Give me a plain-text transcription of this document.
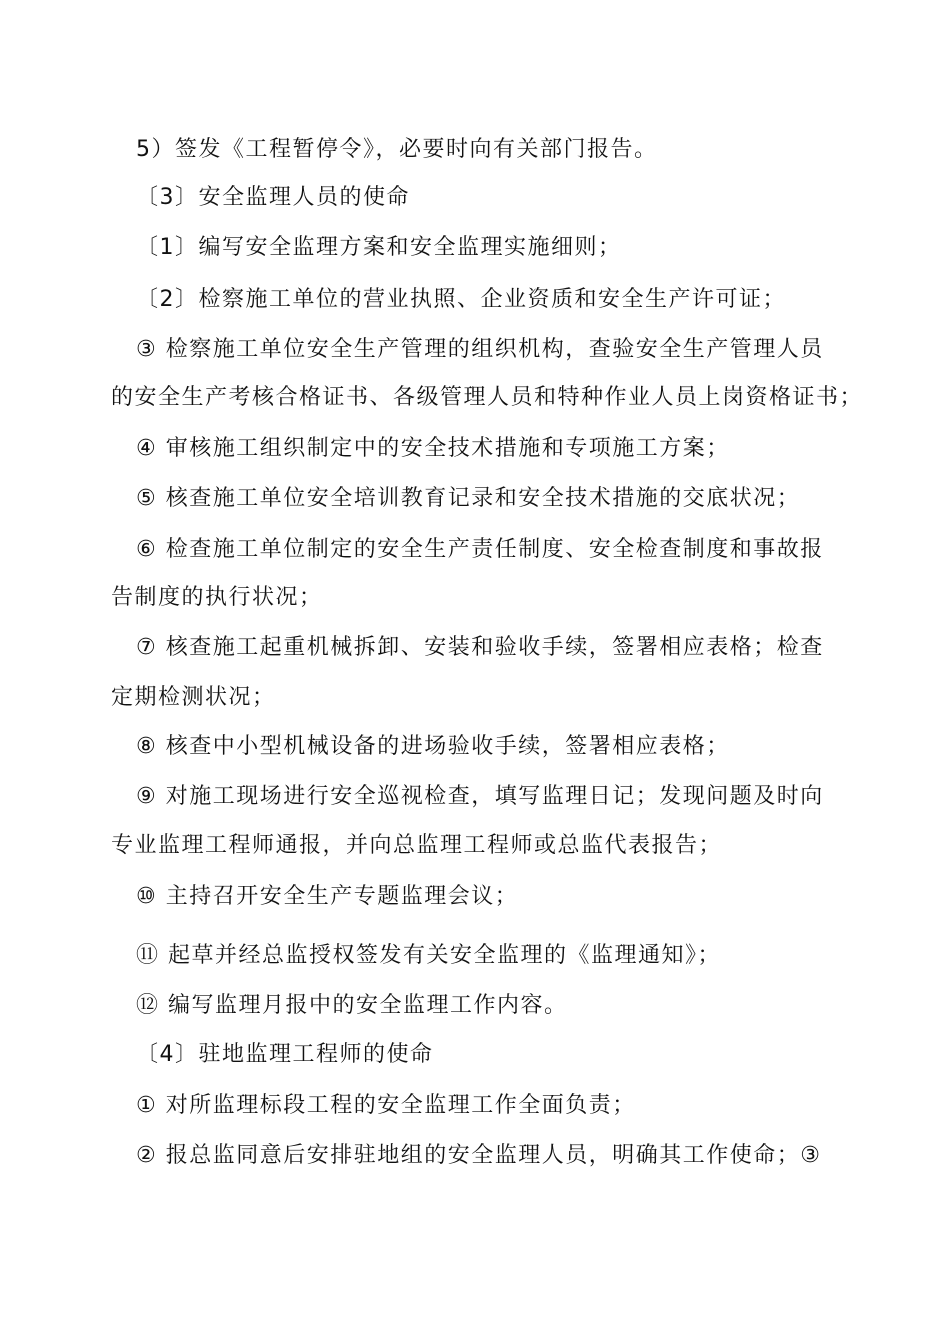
5）签发《工程暂停令》，必要时向有关部门报告。
〔3〕安全监理人员的使命
〔1〕编写安全监理方案和安全监理实施细则；
〔2〕检察施工单位的营业执照、企业资质和安全生产许可证；
③ 检察施工单位安全生产管理的组织机构，查验安全生产管理人员
的安全生产考核合格证书、各级管理人员和特种作业人员上岗资格证书；
④ 审核施工组织制定中的安全技术措施和专项施工方案；
⑤ 核查施工单位安全培训教育记录和安全技术措施的交底状况；
⑥ 检查施工单位制定的安全生产责任制度、安全检查制度和事故报
告制度的执行状况；
⑦ 核查施工起重机械拆卸、安装和验收手续，签署相应表格；检查
定期检测状况；
⑧ 核查中小型机械设备的进场验收手续，签署相应表格；
⑨ 对施工现场进行安全巡视检查，填写监理日记；发现问题及时向
专业监理工程师通报，并向总监理工程师或总监代表报告；
⑩ 主持召开安全生产专题监理会议；
⑪ 起草并经总监授权签发有关安全监理的《监理通知》；
⑫ 编写监理月报中的安全监理工作内容。
〔4〕驻地监理工程师的使命
① 对所监理标段工程的安全监理工作全面负责；
② 报总监同意后安排驻地组的安全监理人员，明确其工作使命；③
